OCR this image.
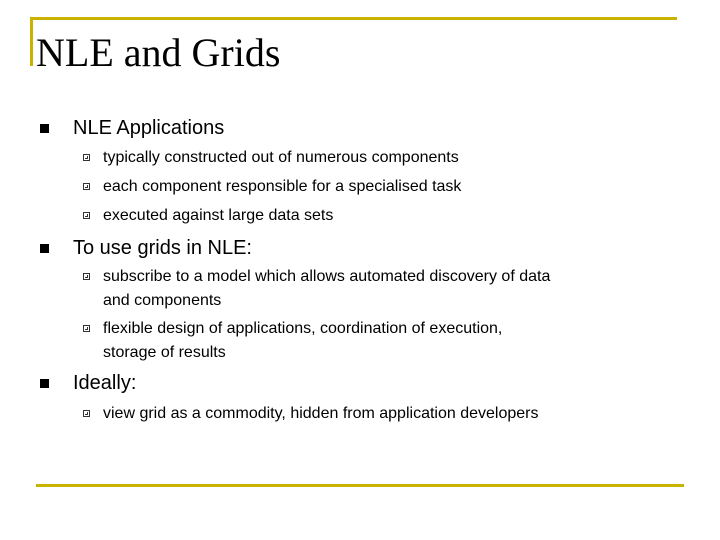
NLE and Grids
NLE Applications
typically constructed out of numerous components
each component responsible for a specialised task
executed against large data sets
To use grids in NLE:
subscribe to a model which allows automated discovery of data
and components
flexible design of applications, coordination of execution,
storage of results
Ideally:
view grid as a commodity, hidden from application developers
